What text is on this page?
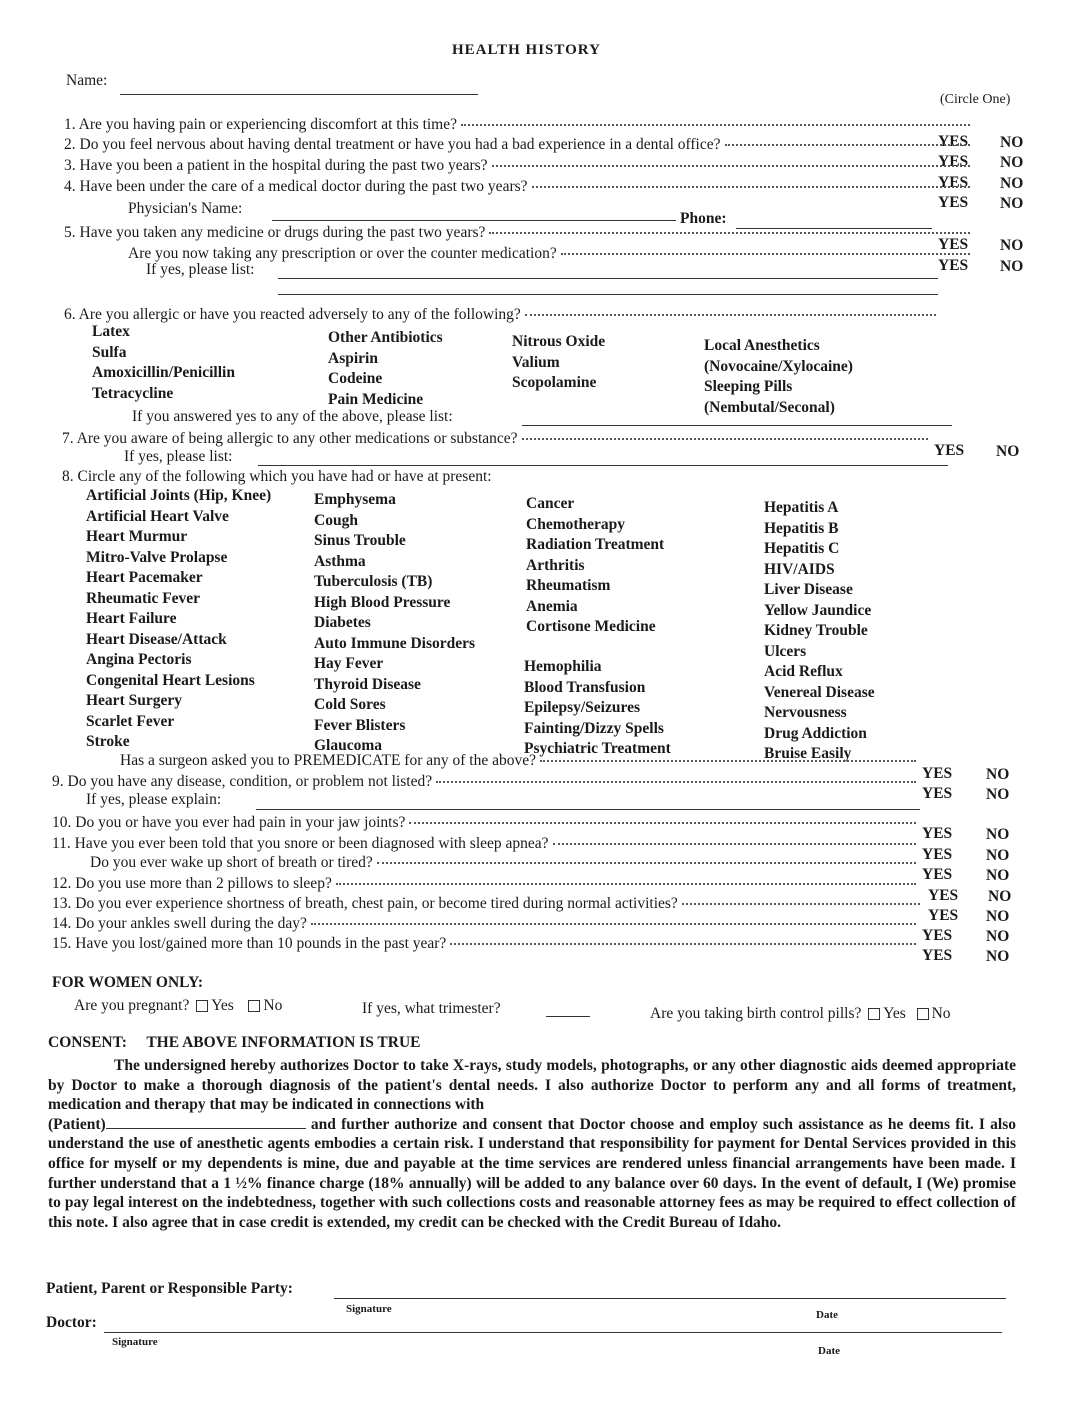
HEALTH HISTORY
Name:
(Circle One)
1. Are you having pain or experiencing discomfort at this time?
YES NO
2. Do you feel nervous about having dental treatment or have you had a bad experience in a dental office?
YES NO
3. Have you been a patient in the hospital during the past two years?
YES NO
4. Have been under the care of a medical doctor during the past two years?
YES NO
Physician's Name:
Phone:
5. Have you taken any medicine or drugs during the past two years?
YES NO
Are you now taking any prescription or over the counter medication?
YES NO
If yes, please list:
6. Are you allergic or have you reacted adversely to any of the following?
Latex
Sulfa
Amoxicillin/Penicillin
Tetracycline
Other Antibiotics
Aspirin
Codeine
Pain Medicine
Nitrous Oxide
Valium
Scopolamine
Local Anesthetics
(Novocaine/Xylocaine)
Sleeping Pills
(Nembutal/Seconal)
If you answered yes to any of the above, please list:
7. Are you aware of being allergic to any other medications or substance?
YES NO
If yes, please list:
8. Circle any of the following which you have had or have at present:
Artificial Joints (Hip, Knee)
Artificial Heart Valve
Heart Murmur
Mitro-Valve Prolapse
Heart Pacemaker
Rheumatic Fever
Heart Failure
Heart Disease/Attack
Angina Pectoris
Congenital Heart Lesions
Heart Surgery
Scarlet Fever
Stroke
Emphysema
Cough
Sinus Trouble
Asthma
Tuberculosis (TB)
High Blood Pressure
Diabetes
Auto Immune Disorders
Hay Fever
Thyroid Disease
Cold Sores
Fever Blisters
Glaucoma
Cancer
Chemotherapy
Radiation Treatment
Arthritis
Rheumatism
Anemia
Cortisone Medicine
Hemophilia
Blood Transfusion
Epilepsy/Seizures
Fainting/Dizzy Spells
Psychiatric Treatment
Hepatitis A
Hepatitis B
Hepatitis C
HIV/AIDS
Liver Disease
Yellow Jaundice
Kidney Trouble
Ulcers
Acid Reflux
Venereal Disease
Nervousness
Drug Addiction
Bruise Easily
Has a surgeon asked you to PREMEDICATE for any of the above?
YES NO
9. Do you have any disease, condition, or problem not listed?
YES NO
If yes, please explain:
10. Do you or have you ever had pain in your jaw joints?
YES NO
11. Have you ever been told that you snore or been diagnosed with sleep apnea?
YES NO
Do you ever wake up short of breath or tired?
YES NO
12. Do you use more than 2 pillows to sleep?
YES NO
13. Do you ever experience shortness of breath, chest pain, or become tired during normal activities?
YES NO
14. Do your ankles swell during the day?
YES NO
15. Have you lost/gained more than 10 pounds in the past year?
YES NO
FOR WOMEN ONLY:
Are you pregnant? Yes No	If yes, what trimester?	Are you taking birth control pills? Yes No
CONSENT: THE ABOVE INFORMATION IS TRUE
The undersigned hereby authorizes Doctor to take X-rays, study models, photographs, or any other diagnostic aids deemed appropriate by Doctor to make a thorough diagnosis of the patient's dental needs. I also authorize Doctor to perform any and all forms of treatment, medication and therapy that may be indicated in connections with
(Patient)	and further authorize and consent that Doctor choose and employ such assistance as he deems fit. I also understand the use of anesthetic agents embodies a certain risk. I understand that responsibility for payment for Dental Services provided in this office for myself or my dependents is mine, due and payable at the time services are rendered unless financial arrangements have been made. I further understand that a 1 ½% finance charge (18% annually) will be added to any balance over 60 days. In the event of default, I (We) promise to pay legal interest on the indebtedness, together with such collections costs and reasonable attorney fees as may be required to effect collection of this note. I also agree that in case credit is extended, my credit can be checked with the Credit Bureau of Idaho.
Patient, Parent or Responsible Party:
Signature	Date
Doctor:
Signature
Date
